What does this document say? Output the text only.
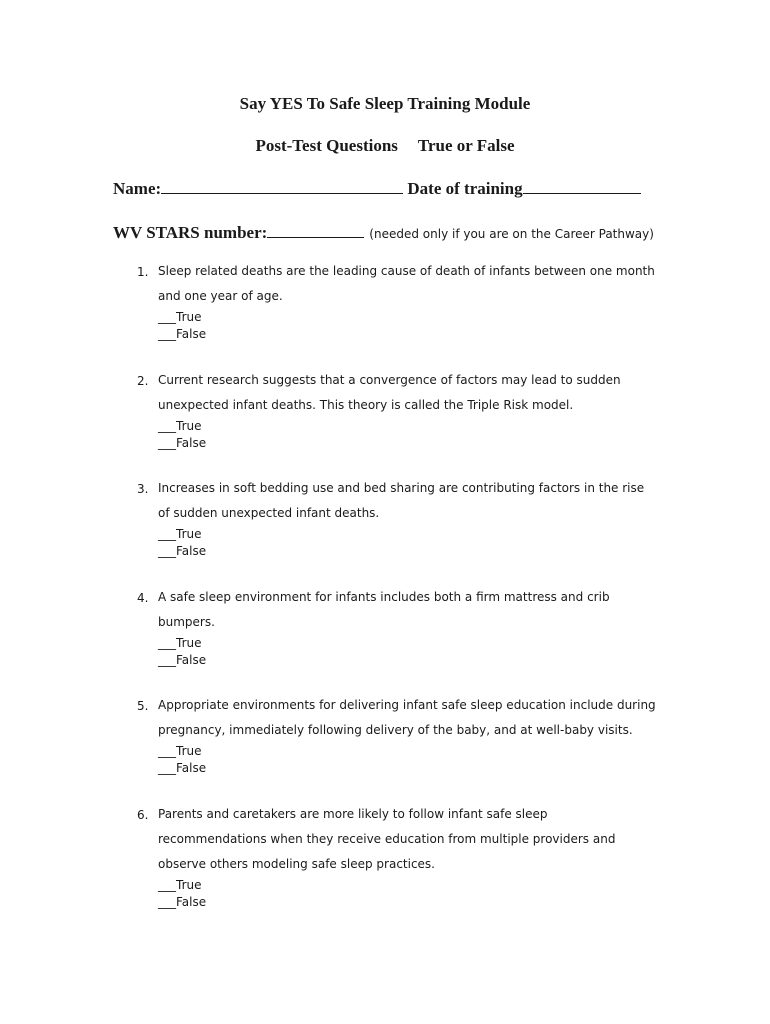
Say YES To Safe Sleep Training Module
Post-Test Questions True or False
Name:	Date of training
WV STARS number:	(needed only if you are on the Career Pathway)
1. Sleep related deaths are the leading cause of death of infants between one month and one year of age.
___True
___False
2. Current research suggests that a convergence of factors may lead to sudden unexpected infant deaths. This theory is called the Triple Risk model.
___True
___False
3. Increases in soft bedding use and bed sharing are contributing factors in the rise of sudden unexpected infant deaths.
___True
___False
4. A safe sleep environment for infants includes both a firm mattress and crib bumpers.
___True
___False
5. Appropriate environments for delivering infant safe sleep education include during pregnancy, immediately following delivery of the baby, and at well-baby visits.
___True
___False
6. Parents and caretakers are more likely to follow infant safe sleep recommendations when they receive education from multiple providers and observe others modeling safe sleep practices.
___True
___False
